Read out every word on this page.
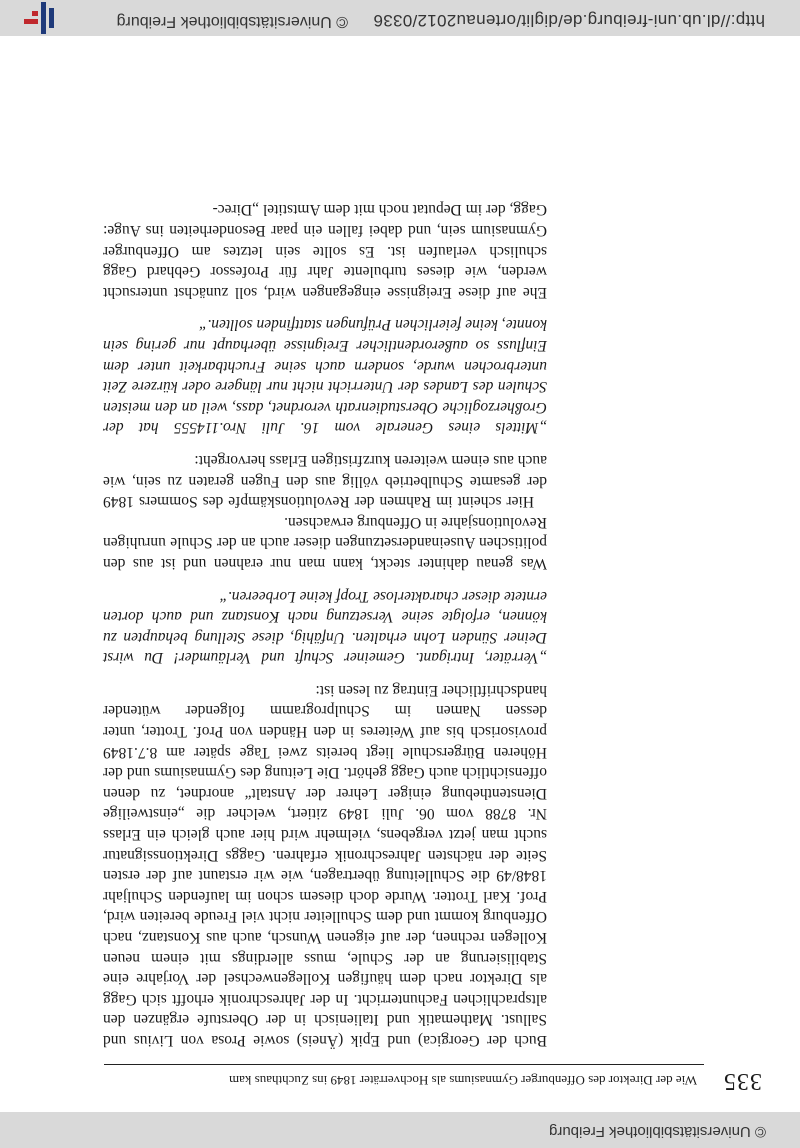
© Universitätsbibliothek Freiburg
Wie der Direktor des Offenburger Gymnasiums als Hochverräter 1849 ins Zuchthaus kam 335

Buch der Georgica) und Epik (Äneis) sowie Prosa von Livius und Sallust. Mathematik und Italienisch in der Oberstufe ergänzen den altsprachlichen Fachunterricht. In der Jahreschronik erhofft sich Gagg als Direktor nach dem häufigen Kollegenwechsel der Vorjahre eine Stabilisierung an der Schule, muss allerdings mit einem neuen Kollegen rechnen, der auf eigenen Wunsch, auch aus Konstanz, nach Offenburg kommt und dem Schulleiter nicht viel Freude bereiten wird, Prof. Karl Trotter. Wurde doch diesem schon im laufenden Schuljahr 1848/49 die Schulleitung übertragen, wie wir erstaunt auf der ersten Seite der nächsten Jahreschronik erfahren. Gaggs Direktionssignatur sucht man jetzt vergebens, vielmehr wird hier auch gleich ein Erlass Nr. 8788 vom 06. Juli 1849 zitiert, welcher die „einstweilige Dienstenthebung einiger Lehrer der Anstalt“ anordnet, zu denen offensichtlich auch Gagg gehört. Die Leitung des Gymnasiums und der Höheren Bürgerschule liegt bereits zwei Tage später am 8.7.1849 provisorisch bis auf Weiteres in den Händen von Prof. Trotter, unter dessen Namen im Schulprogramm folgender wütender handschriftlicher Eintrag zu lesen ist:

„Verräter, Intrigant. Gemeiner Schuft und Verläumder! Du wirst Deiner Sünden Lohn erhalten. Unfähig, diese Stellung behaupten zu können, erfolgte seine Versetzung nach Konstanz und auch dorten erntete dieser charakterlose Tropf keine Lorbeeren.“

Was genau dahinter steckt, kann man nur erahnen und ist aus den politischen Auseinandersetzungen dieser auch an der Schule unruhigen Revolutionsjahre in Offenburg erwachsen.

Hier scheint im Rahmen der Revolutionskämpfe des Sommers 1849 der gesamte Schulbetrieb völlig aus den Fugen geraten zu sein, wie auch aus einem weiteren kurzfristigen Erlass hervorgeht:

„Mittels eines Generale vom 16. Juli Nro.114555 hat der Großherzogliche Oberstudienrath verordnet, dass, weil an den meisten Schulen des Landes der Unterricht nicht nur längere oder kürzere Zeit unterbrochen wurde, sondern auch seine Fruchtbarkeit unter dem Einfluss so außerordentlicher Ereignisse überhaupt nur gering sein konnte, keine feierlichen Prüfungen stattfinden sollten.“

Ehe auf diese Ereignisse eingegangen wird, soll zunächst untersucht werden, wie dieses turbulente Jahr für Professor Gebhard Gagg schulisch verlaufen ist. Es sollte sein letztes am Offenburger Gymnasium sein, und dabei fallen ein paar Besonderheiten ins Auge: Gagg, der im Deputat noch mit dem Amtstitel „Direc-

http://dl.ub.uni-freiburg.de/diglit/ortenau2012/0336
© Universitätsbibliothek Freiburg
